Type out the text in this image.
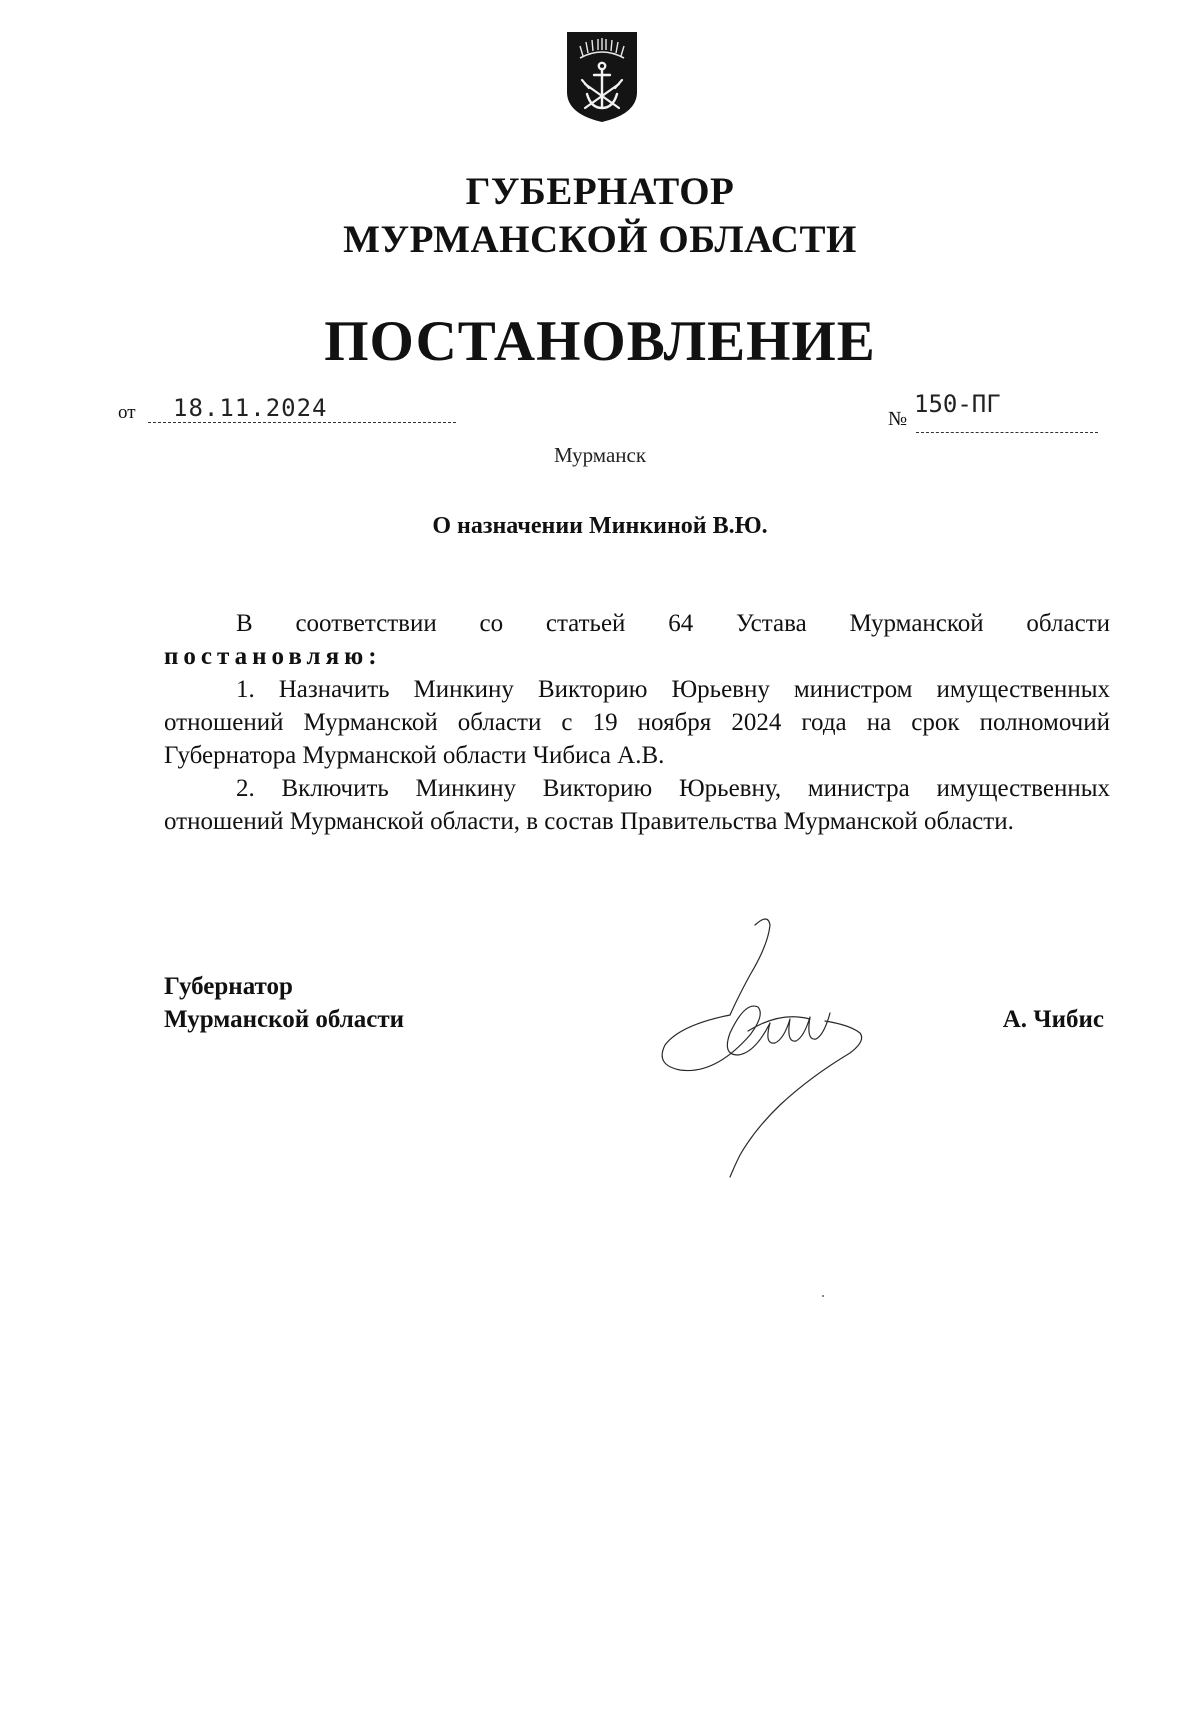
ГУБЕРНАТОР
МУРМАНСКОЙ ОБЛАСТИ
ПОСТАНОВЛЕНИЕ
от 18.11.2024	№
150-ПГ
Мурманск
О назначении Минкиной В.Ю.
В соответствии со статьей 64 Устава Мурманской области
постановляю:

1. Назначить Минкину Викторию Юрьевну министром имущественных отношений Мурманской области с 19 ноября 2024 года на срок полномочий Губернатора Мурманской области Чибиса А.В.

2. Включить Минкину Викторию Юрьевну, министра имущественных отношений Мурманской области, в состав Правительства Мурманской области.

Губернатор
Мурманской области	А. Чибис
